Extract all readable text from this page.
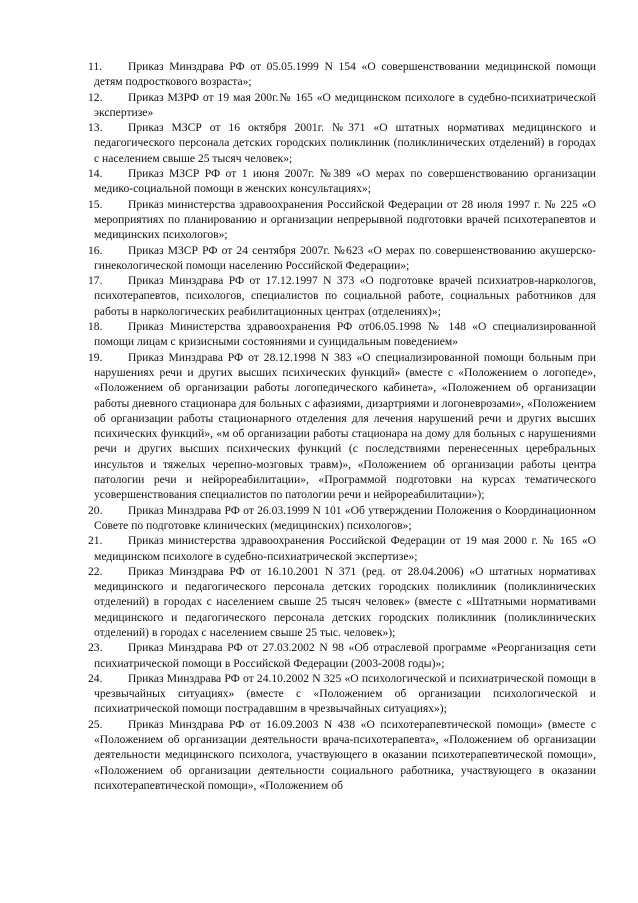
11.	Приказ Минздрава РФ от 05.05.1999 N 154 «О совершенствовании медицинской помощи детям подросткового возраста»;
12.	Приказ МЗРФ от 19 мая 200г.№ 165 «О медицинском психологе в судебно-психиатрической экспертизе»
13.	Приказ МЗСР от 16 октября 2001г. №371 «О штатных нормативах медицинского и педагогического персонала детских городских поликлиник (поликлинических отделений) в городах с населением свыше 25 тысяч человек»;
14.	Приказ МЗСР РФ от 1 июня 2007г. №389 «О мерах по совершенствованию организации медико-социальной помощи в женских консультациях»;
15.	Приказ министерства здравоохранения Российской Федерации от 28 июля 1997 г. № 225 «О мероприятиях по планированию и организации непрерывной подготовки врачей психотерапевтов и медицинских психологов»;
16.	Приказ МЗСР РФ от 24 сентября 2007г. №623 «О мерах по совершенствованию акушерско-гинекологической помощи населению Российской Федерации»;
17.	Приказ Минздрава РФ от 17.12.1997 N 373 «О подготовке врачей психиатров-наркологов, психотерапевтов, психологов, специалистов по социальной работе, социальных работников для работы в наркологических реабилитационных центрах (отделениях)»;
18.	Приказ Министерства здравоохранения РФ от06.05.1998 № 148 «О специализированной помощи лицам с кризисными состояниями и суицидальным поведением»
19.	Приказ Минздрава РФ от 28.12.1998 N 383 «О специализированной помощи больным при нарушениях речи и других высших психических функций» (вместе с «Положением о логопеде», «Положением об организации работы логопедического кабинета», «Положением об организации работы дневного стационара для больных с афазиями, дизартриями и логоневрозами», «Положением об организации работы стационарного отделения для лечения нарушений речи и других высших психических функций», «м об организации работы стационара на дому для больных с нарушениями речи и других высших психических функций (с последствиями перенесенных церебральных инсультов и тяжелых черепно-мозговых травм)», «Положением об организации работы центра патологии речи и нейрореабилитации», «Программой подготовки на курсах тематического усовершенствования специалистов по патологии речи и нейрореабилитации»);
20.	Приказ Минздрава РФ от 26.03.1999 N 101 «Об утверждении Положения о Координационном Совете по подготовке клинических (медицинских) психологов»;
21.	Приказ министерства здравоохранения Российской Федерации от 19 мая 2000 г. № 165 «О медицинском психологе в судебно-психиатрической экспертизе»;
22.	Приказ Минздрава РФ от 16.10.2001 N 371 (ред. от 28.04.2006) «О штатных нормативах медицинского и педагогического персонала детских городских поликлиник (поликлинических отделений) в городах с населением свыше 25 тысяч человек» (вместе с «Штатными нормативами медицинского и педагогического персонала детских городских поликлиник (поликлинических отделений) в городах с населением свыше 25 тыс. человек»);
23.	Приказ Минздрава РФ от 27.03.2002 N 98 «Об отраслевой программе «Реорганизация сети психиатрической помощи в Российской Федерации (2003-2008 годы)»;
24.	Приказ Минздрава РФ от 24.10.2002 N 325 «О психологической и психиатрической помощи в чрезвычайных ситуациях» (вместе с «Положением об организации психологической и психиатрической помощи пострадавшим в чрезвычайных ситуациях»);
25.	Приказ Минздрава РФ от 16.09.2003 N 438 «О психотерапевтической помощи» (вместе с «Положением об организации деятельности врача-психотерапевта», «Положением об организации деятельности медицинского психолога, участвующего в оказании психотерапевтической помощи», «Положением об организации деятельности социального работника, участвующего в оказании психотерапевтической помощи», «Положением об
